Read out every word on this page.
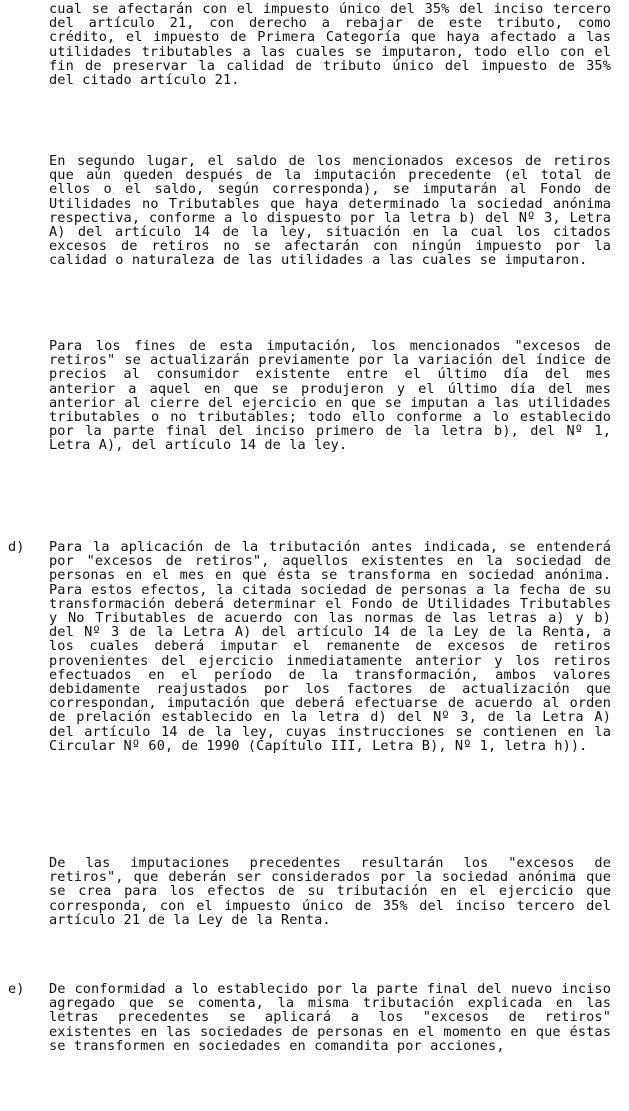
cual se afectarán con el impuesto único del 35% del inciso tercero del artículo 21, con derecho a rebajar de este tributo, como crédito, el impuesto de Primera Categoría que haya afectado a las utilidades tributables a las cuales se imputaron, todo ello con el fin de preservar la calidad de tributo único del impuesto de 35% del citado artículo 21.

En segundo lugar, el saldo de los mencionados excesos de retiros que aún queden después de la imputación precedente (el total de ellos o el saldo, según corresponda), se imputarán al Fondo de Utilidades no Tributables que haya determinado la sociedad anónima respectiva, conforme a lo dispuesto por la letra b) del Nº 3, Letra A) del artículo 14 de la ley, situación en la cual los citados excesos de retiros no se afectarán con ningún impuesto por la calidad o naturaleza de las utilidades a las cuales se imputaron.

Para los fines de esta imputación, los mencionados "excesos de retiros" se actualizarán previamente por la variación del índice de precios al consumidor existente entre el último día del mes anterior a aquel en que se produjeron y el último día del mes anterior al cierre del ejercicio en que se imputan a las utilidades tributables o no tributables; todo ello conforme a lo establecido por la parte final del inciso primero de la letra b), del Nº 1, Letra A), del artículo 14 de la ley.

d)	Para la aplicación de la tributación antes indicada, se entenderá por "excesos de retiros", aquellos existentes en la sociedad de personas en el mes en que ésta se transforma en sociedad anónima. Para estos efectos, la citada sociedad de personas a la fecha de su transformación deberá determinar el Fondo de Utilidades Tributables y No Tributables de acuerdo con las normas de las letras a) y b) del Nº 3 de la Letra A) del artículo 14 de la Ley de la Renta, a los cuales deberá imputar el remanente de excesos de retiros provenientes del ejercicio inmediatamente anterior y los retiros efectuados en el período de la transformación, ambos valores debidamente reajustados por los factores de actualización que correspondan, imputación que deberá efectuarse de acuerdo al orden de prelación establecido en la letra d) del Nº 3, de la Letra A) del artículo 14 de la ley, cuyas instrucciones se contienen en la Circular Nº 60, de 1990 (Capítulo III, Letra B), Nº 1, letra h)).

De las imputaciones precedentes resultarán los "excesos de retiros", que deberán ser considerados por la sociedad anónima que se crea para los efectos de su tributación en el ejercicio que corresponda, con el impuesto único de 35% del inciso tercero del artículo 21 de la Ley de la Renta.

e)	De conformidad a lo establecido por la parte final del nuevo inciso agregado que se comenta, la misma tributación explicada en las letras precedentes se aplicará a los "excesos de retiros" existentes en las sociedades de personas en el momento en que éstas se transformen en sociedades en comandita por acciones,
